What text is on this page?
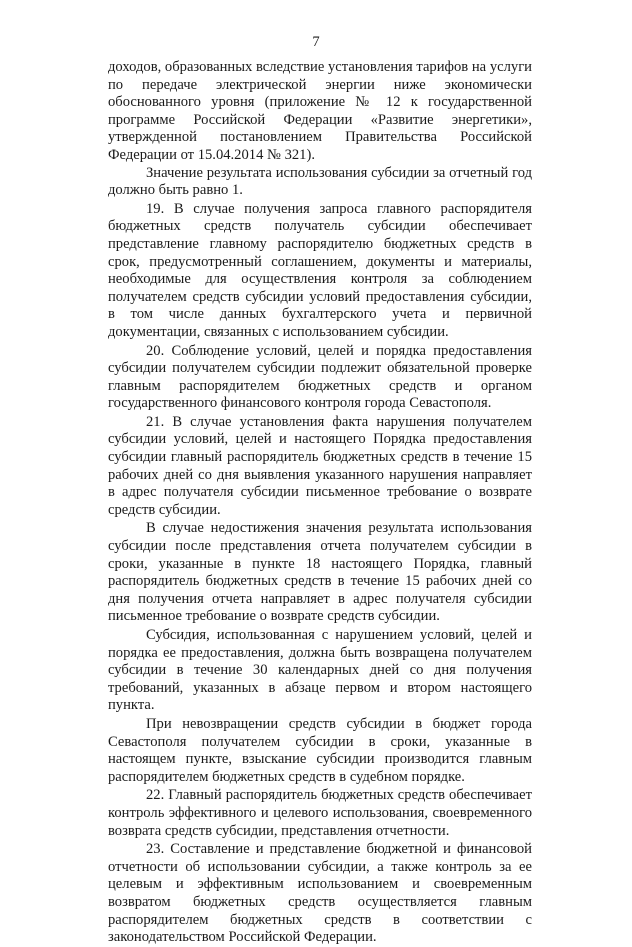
7

доходов, образованных вследствие установления тарифов на услуги по передаче электрической энергии ниже экономически обоснованного уровня (приложение № 12 к государственной программе Российской Федерации «Развитие энергетики», утвержденной постановлением Правительства Российской Федерации от 15.04.2014 № 321).

Значение результата использования субсидии за отчетный год должно быть равно 1.

19. В случае получения запроса главного распорядителя бюджетных средств получатель субсидии обеспечивает представление главному распорядителю бюджетных средств в срок, предусмотренный соглашением, документы и материалы, необходимые для осуществления контроля за соблюдением получателем средств субсидии условий предоставления субсидии, в том числе данных бухгалтерского учета и первичной документации, связанных с использованием субсидии.

20. Соблюдение условий, целей и порядка предоставления субсидии получателем субсидии подлежит обязательной проверке главным распорядителем бюджетных средств и органом государственного финансового контроля города Севастополя.

21. В случае установления факта нарушения получателем субсидии условий, целей и настоящего Порядка предоставления субсидии главный распорядитель бюджетных средств в течение 15 рабочих дней со дня выявления указанного нарушения направляет в адрес получателя субсидии письменное требование о возврате средств субсидии.

В случае недостижения значения результата использования субсидии после представления отчета получателем субсидии в сроки, указанные в пункте 18 настоящего Порядка, главный распорядитель бюджетных средств в течение 15 рабочих дней со дня получения отчета направляет в адрес получателя субсидии письменное требование о возврате средств субсидии.

Субсидия, использованная с нарушением условий, целей и порядка ее предоставления, должна быть возвращена получателем субсидии в течение 30 календарных дней со дня получения требований, указанных в абзаце первом и втором настоящего пункта.

При невозвращении средств субсидии в бюджет города Севастополя получателем субсидии в сроки, указанные в настоящем пункте, взыскание субсидии производится главным распорядителем бюджетных средств в судебном порядке.

22. Главный распорядитель бюджетных средств обеспечивает контроль эффективного и целевого использования, своевременного возврата средств субсидии, представления отчетности.

23. Составление и представление бюджетной и финансовой отчетности об использовании субсидии, а также контроль за ее целевым и эффективным использованием и своевременным возвратом бюджетных средств осуществляется главным распорядителем бюджетных средств в соответствии с законодательством Российской Федерации.
